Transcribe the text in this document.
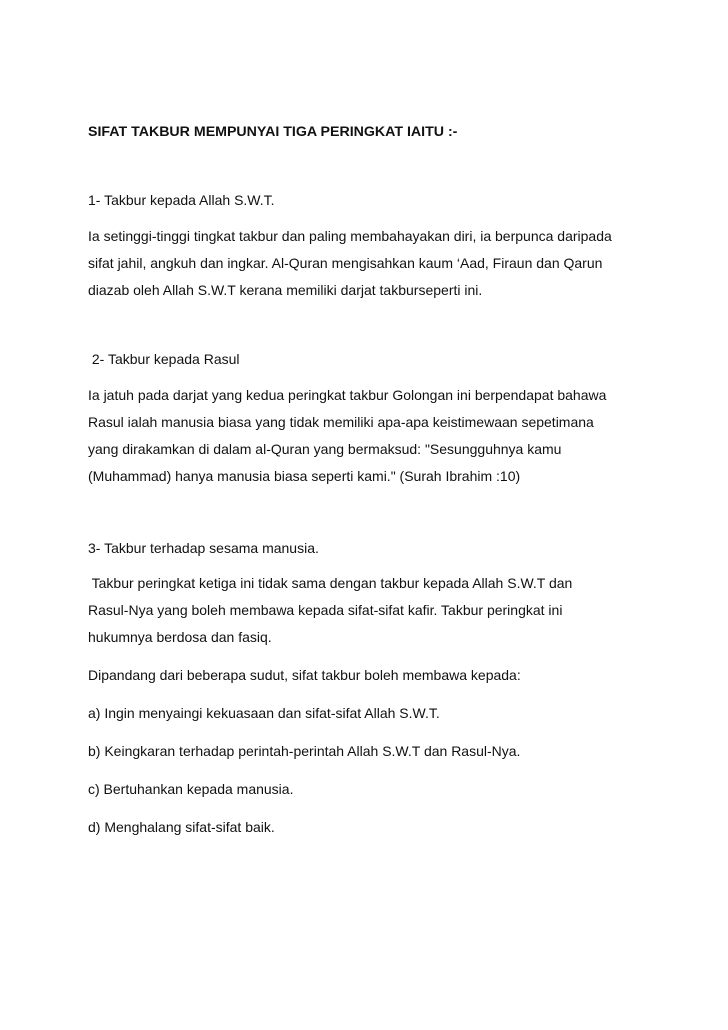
SIFAT TAKBUR MEMPUNYAI TIGA PERINGKAT IAITU :-
1- Takbur kepada Allah S.W.T.
Ia setinggi-tinggi tingkat takbur dan paling membahayakan diri, ia berpunca daripada
sifat jahil, angkuh dan ingkar. Al-Quran mengisahkan kaum ‘Aad, Firaun dan Qarun
diazab oleh Allah S.W.T kerana memiliki darjat takburseperti ini.
2- Takbur kepada Rasul
Ia jatuh pada darjat yang kedua peringkat takbur Golongan ini berpendapat bahawa
Rasul ialah manusia biasa yang tidak memiliki apa-apa keistimewaan sepetimana
yang dirakamkan di dalam al-Quran yang bermaksud: "Sesungguhnya kamu
(Muhammad) hanya manusia biasa seperti kami." (Surah Ibrahim :10)
3- Takbur terhadap sesama manusia.
Takbur peringkat ketiga ini tidak sama dengan takbur kepada Allah S.W.T dan
Rasul-Nya yang boleh membawa kepada sifat-sifat kafir. Takbur peringkat ini
hukumnya berdosa dan fasiq.
Dipandang dari beberapa sudut, sifat takbur boleh membawa kepada:
a) Ingin menyaingi kekuasaan dan sifat-sifat Allah S.W.T.
b) Keingkaran terhadap perintah-perintah Allah S.W.T dan Rasul-Nya.
c) Bertuhankan kepada manusia.
d) Menghalang sifat-sifat baik.
